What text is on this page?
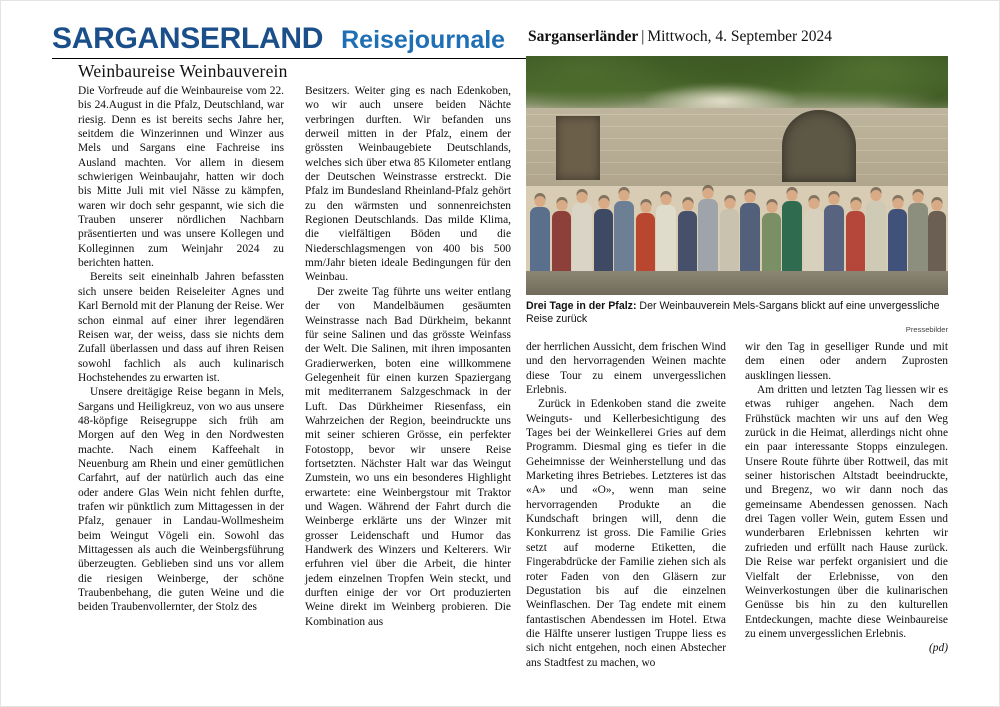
SARGANSERLAND Reisejournale Sarganserländer | Mittwoch, 4. September 2024
Weinbaureise Weinbauverein

Die Vorfreude auf die Weinbaureise vom 22. bis 24.August in die Pfalz, Deutschland, war riesig. Denn es ist bereits sechs Jahre her, seitdem die Winzerinnen und Winzer aus Mels und Sargans eine Fachreise ins Ausland machten. Vor allem in diesem schwierigen Weinbaujahr, hatten wir doch bis Mitte Juli mit viel Nässe zu kämpfen, waren wir doch sehr gespannt, wie sich die Trauben unserer nördlichen Nachbarn präsentierten und was unsere Kollegen und Kolleginnen zum Weinjahr 2024 zu berichten hatten.

Bereits seit eineinhalb Jahren befassten sich unsere beiden Reiseleiter Agnes und Karl Bernold mit der Planung der Reise. Wer schon einmal auf einer ihrer legendären Reisen war, der weiss, dass sie nichts dem Zufall überlassen und dass auf ihren Reisen sowohl fachlich als auch kulinarisch Hochstehendes zu erwarten ist.

Unsere dreitägige Reise begann in Mels, Sargans und Heiligkreuz, von wo aus unsere 48-köpfige Reisegruppe sich früh am Morgen auf den Weg in den Nordwesten machte. Nach einem Kaffeehalt in Neuenburg am Rhein und einer gemütlichen Carfahrt, auf der natürlich auch das eine oder andere Glas Wein nicht fehlen durfte, trafen wir pünktlich zum Mittagessen in der Pfalz, genauer in Landau-Wollmesheim beim Weingut Vögeli ein. Sowohl das Mittagessen als auch die Weinbergsführung überzeugten. Geblieben sind uns vor allem die riesigen Weinberge, der schöne Traubenbehang, die guten Weine und die beiden Traubenvollernter, der Stolz des

Besitzers. Weiter ging es nach Edenkoben, wo wir auch unsere beiden Nächte verbringen durften. Wir befanden uns derweil mitten in der Pfalz, einem der grössten Weinbaugebiete Deutschlands, welches sich über etwa 85 Kilometer entlang der Deutschen Weinstrasse erstreckt. Die Pfalz im Bundesland Rheinland-Pfalz gehört zu den wärmsten und sonnenreichsten Regionen Deutschlands. Das milde Klima, die vielfältigen Böden und die Niederschlagsmengen von 400 bis 500 mm/Jahr bieten ideale Bedingungen für den Weinbau.

Der zweite Tag führte uns weiter entlang der von Mandelbäumen gesäumten Weinstrasse nach Bad Dürkheim, bekannt für seine Salinen und das grösste Weinfass der Welt. Die Salinen, mit ihren imposanten Gradierwerken, boten eine willkommene Gelegenheit für einen kurzen Spaziergang mit mediterranem Salzgeschmack in der Luft. Das Dürkheimer Riesenfass, ein Wahrzeichen der Region, beeindruckte uns mit seiner schieren Grösse, ein perfekter Fotostopp, bevor wir unsere Reise fortsetzten. Nächster Halt war das Weingut Zumstein, wo uns ein besonderes Highlight erwartete: eine Weinbergstour mit Traktor und Wagen. Während der Fahrt durch die Weinberge erklärte uns der Winzer mit grosser Leidenschaft und Humor das Handwerk des Winzers und Kelterers. Wir erfuhren viel über die Arbeit, die hinter jedem einzelnen Tropfen Wein steckt, und durften einige der vor Ort produzierten Weine direkt im Weinberg probieren. Die Kombination aus

Drei Tage in der Pfalz: Der Weinbauverein Mels-Sargans blickt auf eine unvergessliche Reise zurück
Pressebilder

der herrlichen Aussicht, dem frischen Wind und den hervorragenden Weinen machte diese Tour zu einem unvergesslichen Erlebnis.

Zurück in Edenkoben stand die zweite Weinguts- und Kellerbesichtigung des Tages bei der Weinkellerei Gries auf dem Programm. Diesmal ging es tiefer in die Geheimnisse der Weinherstellung und das Marketing ihres Betriebes. Letzteres ist das «A» und «O», wenn man seine hervorragenden Produkte an die Kundschaft bringen will, denn die Konkurrenz ist gross. Die Familie Gries setzt auf moderne Etiketten, die Fingerabdrücke der Familie ziehen sich als roter Faden von den Gläsern zur Degustation bis auf die einzelnen Weinflaschen. Der Tag endete mit einem fantastischen Abendessen im Hotel. Etwa die Hälfte unserer lustigen Truppe liess es sich nicht entgehen, noch einen Abstecher ans Stadtfest zu machen, wo

wir den Tag in geselliger Runde und mit dem einen oder andern Zuprosten ausklingen liessen.

Am dritten und letzten Tag liessen wir es etwas ruhiger angehen. Nach dem Frühstück machten wir uns auf den Weg zurück in die Heimat, allerdings nicht ohne ein paar interessante Stopps einzulegen. Unsere Route führte über Rottweil, das mit seiner historischen Altstadt beeindruckte, und Bregenz, wo wir dann noch das gemeinsame Abendessen genossen. Nach drei Tagen voller Wein, gutem Essen und wunderbaren Erlebnissen kehrten wir zufrieden und erfüllt nach Hause zurück. Die Reise war perfekt organisiert und die Vielfalt der Erlebnisse, von den Weinverkostungen über die kulinarischen Genüsse bis hin zu den kulturellen Entdeckungen, machte diese Weinbaureise zu einem unvergesslichen Erlebnis.
(pd)
